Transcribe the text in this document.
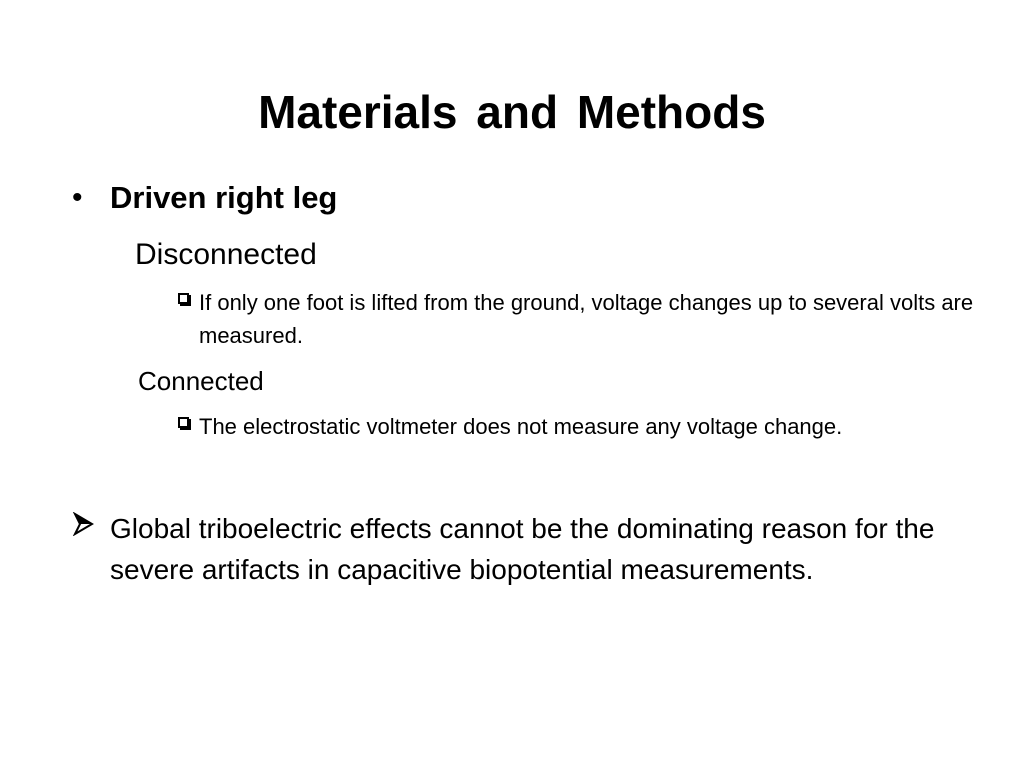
Materials and Methods
• Driven right leg
Disconnected
If only one foot is lifted from the ground, voltage changes up to several volts are measured.
Connected
The electrostatic voltmeter does not measure any voltage change.
Global triboelectric effects cannot be the dominating reason for the severe artifacts in capacitive biopotential measurements.
